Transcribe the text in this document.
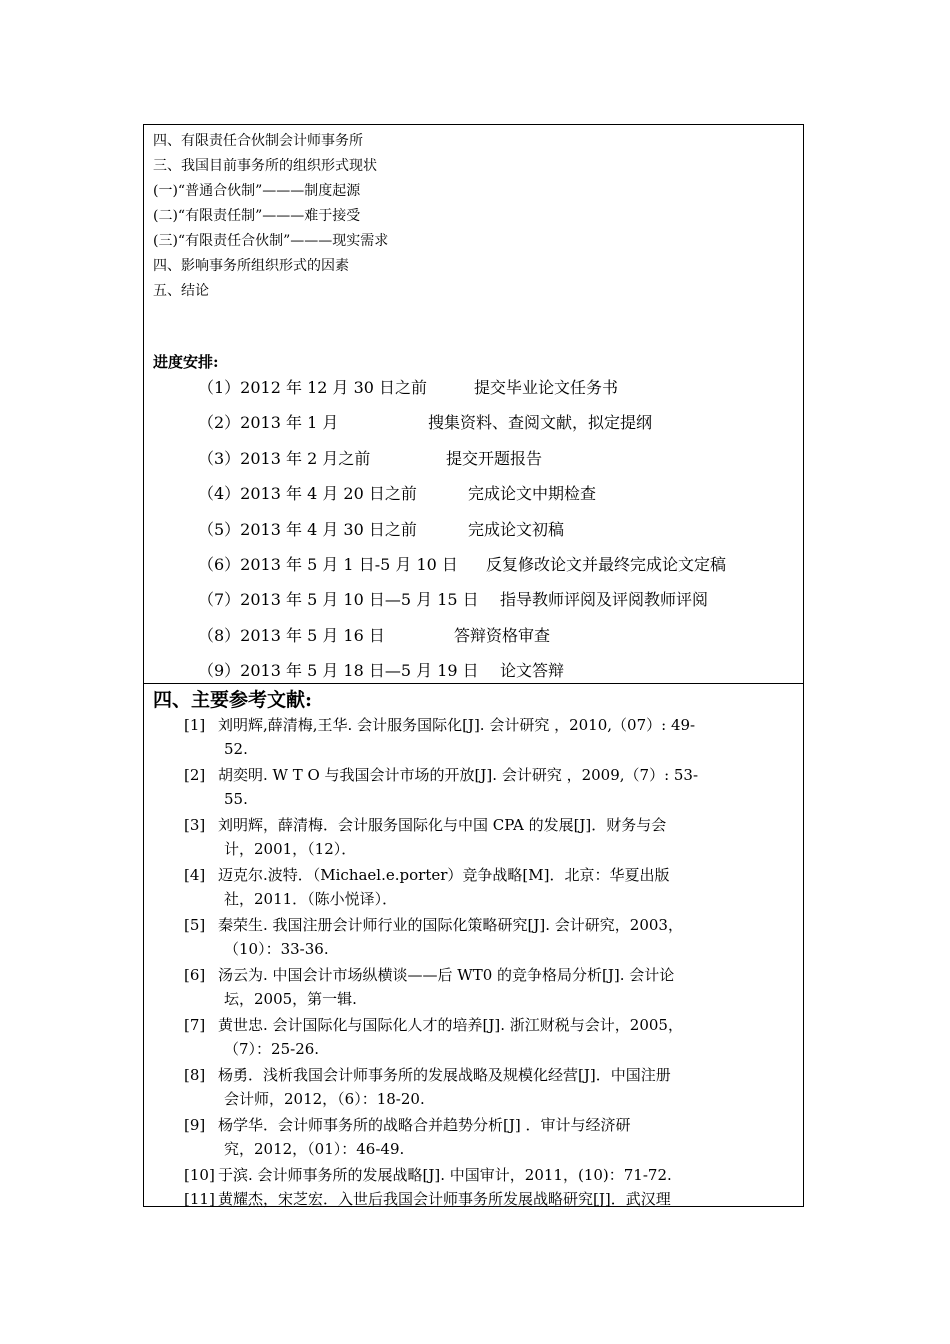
四、有限责任合伙制会计师事务所
三、我国目前事务所的组织形式现状
(一)“普通合伙制”———制度起源
(二)“有限责任制”———难于接受
(三)“有限责任合伙制”———现实需求
四、影响事务所组织形式的因素
五、结论
进度安排:
（1）2012 年 12 月 30 日之前	提交毕业论文任务书
（2）2013 年 1 月	搜集资料、查阅文献，拟定提纲
（3）2013 年 2 月之前	提交开题报告
（4）2013 年 4 月 20 日之前	完成论文中期检查
（5）2013 年 4 月 30 日之前	完成论文初稿
（6）2013 年 5 月 1 日-5 月 10 日 反复修改论文并最终完成论文定稿
（7）2013 年 5 月 10 日—5 月 15 日 指导教师评阅及评阅教师评阅
（8）2013 年 5 月 16 日	答辩资格审查
（9）2013 年 5 月 18 日—5 月 19 日 论文答辩
四、主要参考文献:
[1] 刘明辉,薛清梅,王华. 会计服务国际化[J]. 会计研究 ，2010,（07）: 49-
52.
[2] 胡奕明. W T O 与我国会计市场的开放[J]. 会计研究 ，2009,（7）: 53-
55.
[3] 刘明辉，薛清梅．会计服务国际化与中国 CPA 的发展[J]．财务与会
计，2001，（12）．
[4] 迈克尔.波特．（Michael.e.porter）竞争战略[M]．北京：华夏出版
社，2011．（陈小悦译）．
[5] 秦荣生. 我国注册会计师行业的国际化策略研究[J]. 会计研究，2003，
（10）：33-36.
[6] 汤云为. 中国会计市场纵横谈——后 WT0 的竞争格局分析[J]. 会计论
坛，2005，第一辑.
[7] 黄世忠. 会计国际化与国际化人才的培养[J]. 浙江财税与会计，2005，
（7）：25-26.
[8] 杨勇．浅析我国会计师事务所的发展战略及规模化经营[J]．中国注册
会计师，2012，（6）：18-20.
[9] 杨学华．会计师事务所的战略合并趋势分析[J] ．审计与经济研
究，2012，（01）：46-49.
[10] 于滨. 会计师事务所的发展战略[J]. 中国审计，2011，(10)：71-72.
[11] 黄耀杰，宋芝宏．入世后我国会计师事务所发展战略研究[J]．武汉理
